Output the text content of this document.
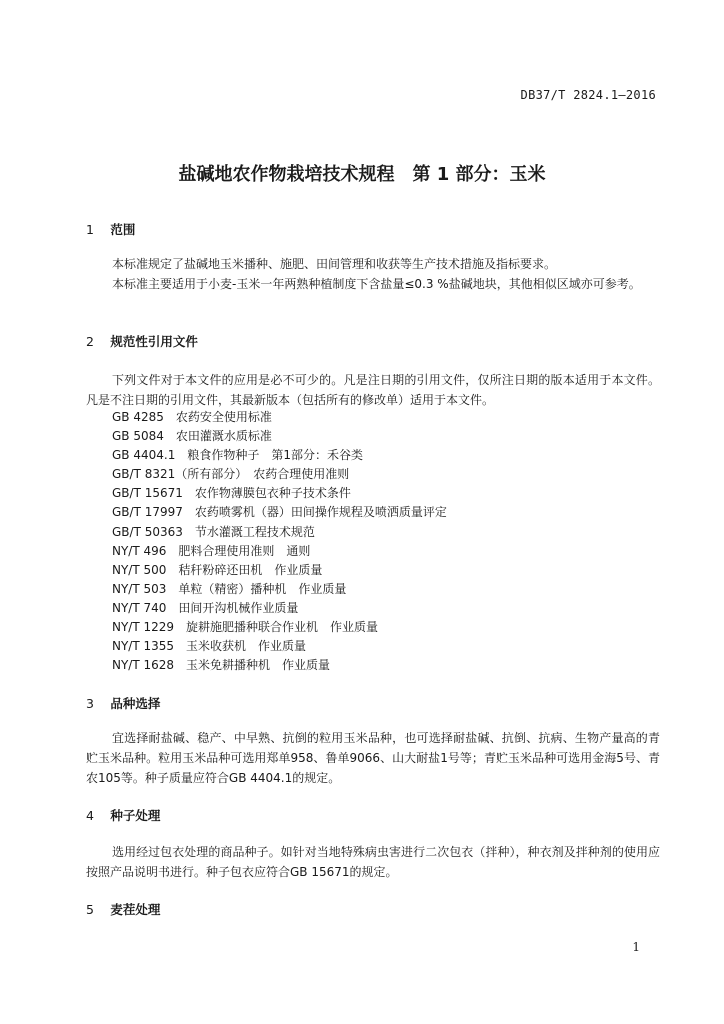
DB37/T 2824.1—2016
盐碱地农作物栽培技术规程　第 1 部分：玉米
1 范围
本标准规定了盐碱地玉米播种、施肥、田间管理和收获等生产技术措施及指标要求。
本标准主要适用于小麦-玉米一年两熟种植制度下含盐量≤0.3 %盐碱地块，其他相似区域亦可参考。
2 规范性引用文件
下列文件对于本文件的应用是必不可少的。凡是注日期的引用文件，仅所注日期的版本适用于本文件。凡是不注日期的引用文件，其最新版本（包括所有的修改单）适用于本文件。
GB 4285　农药安全使用标准
GB 5084　农田灌溉水质标准
GB 4404.1　粮食作物种子　第1部分：禾谷类
GB/T 8321（所有部分）　农药合理使用准则
GB/T 15671　农作物薄膜包衣种子技术条件
GB/T 17997　农药喷雾机（器）田间操作规程及喷洒质量评定
GB/T 50363　节水灌溉工程技术规范
NY/T 496　肥料合理使用准则　通则
NY/T 500　秸秆粉碎还田机　作业质量
NY/T 503　单粒（精密）播种机　作业质量
NY/T 740　田间开沟机械作业质量
NY/T 1229　旋耕施肥播种联合作业机　作业质量
NY/T 1355　玉米收获机　作业质量
NY/T 1628　玉米免耕播种机　作业质量
3 品种选择
宜选择耐盐碱、稳产、中早熟、抗倒的粒用玉米品种，也可选择耐盐碱、抗倒、抗病、生物产量高的青贮玉米品种。粒用玉米品种可选用郑单958、鲁单9066、山大耐盐1号等；青贮玉米品种可选用金海5号、青农105等。种子质量应符合GB 4404.1的规定。
4 种子处理
选用经过包衣处理的商品种子。如针对当地特殊病虫害进行二次包衣（拌种），种衣剂及拌种剂的使用应按照产品说明书进行。种子包衣应符合GB 15671的规定。
5 麦茬处理
1
